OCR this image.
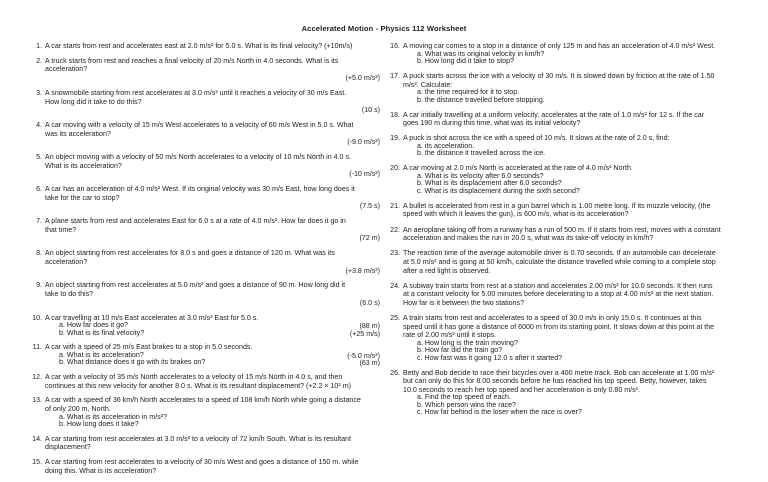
Accelerated Motion - Physics 112 Worksheet
1. A car starts from rest and accelerates east at 2.0 m/s² for 5.0 s. What is its final velocity? (+10m/s)
2. A truck starts from rest and reaches a final velocity of 20 m/s North in 4.0 seconds. What is its
acceleration?
(+5.0 m/s²)
3. A snowmobile starting from rest accelerates at 3.0 m/s² until it reaches a velocity of 30 m/s East.
How long did it take to do this?
(10 s)
4. A car moving with a velocity of 15 m/s West accelerates to a velocity of 60 m/s West in 5.0 s. What
was its acceleration?
(-9.0 m/s²)
5. An object moving with a velocity of 50 m/s North accelerates to a velocity of 10 m/s North in 4.0 s.
What is its acceleration?
(-10 m/s²)
6. A car has an acceleration of 4.0 m/s² West. If its original velocity was 30 m/s East, how long does it
take for the car to stop?
(7.5 s)
7. A plane starts from rest and accelerates East for 6.0 s at a rate of 4.0 m/s². How far does it go in
that time?
(72 m)
8. An object starting from rest accelerates for 8.0 s and goes a distance of 120 m. What was its
acceleration?
(+3.8 m/s²)
9. An object starting from rest accelerates at 5.0 m/s² and goes a distance of 90 m. How long did it
take to do this?
(6.0 s)
10. A car travelling at 10 m/s East accelerates at 3.0 m/s² East for 5.0 s.
a. How far does it go?
b. What is its final velocity?
(88 m)
(+25 m/s)
11. A car with a speed of 25 m/s East brakes to a stop in 5.0 seconds.
a. What is its acceleration?
b. What distance does it go with its brakes on?
(-5.0 m/s²)
(63 m)
12. A car with a velocity of 35 m/s North accelerates to a velocity of 15 m/s North in 4.0 s, and then
continues at this new velocity for another 8.0 s. What is its resultant displacement? (+2.2 × 10² m)
13. A car with a speed of 36 km/h North accelerates to a speed of 108 km/h North while going a distance
of only 200 m, North.
a. What is its acceleration in m/s²?
b. How long does it take?
14. A car starting from rest accelerates at 3.0 m/s² to a velocity of 72 km/h South. What is its resultant
displacement?
15. A car starting from rest accelerates to a velocity of 30 m/s West and goes a distance of 150 m. while
doing this. What is its acceleration?
16. A moving car comes to a stop in a distance of only 125 m and has an acceleration of 4.0 m/s² West.
a. What was its original velocity in km/h?
b. How long did it take to stop?
17. A puck starts across the ice with a velocity of 30 m/s. It is slowed down by friction at the rate of 1.50
m/s². Calculate:
a. the time required for it to stop.
b. the distance travelled before stopping.
18. A car initially travelling at a uniform velocity, accelerates at the rate of 1.0 m/s² for 12 s. If the car
goes 190 m during this time, what was its initial velocity?
19. A puck is shot across the ice with a speed of 10 m/s. It slows at the rate of 2.0 s, find:
a. its acceleration.
b. the distance it travelled across the ice.
20. A car moving at 2.0 m/s North is accelerated at the rate of 4.0 m/s² North.
a. What is its velocity after 6.0 seconds?
b. What is its displacement after 6.0 seconds?
c. What is its displacement during the sixth second?
21. A bullet is accelerated from rest in a gun barrel which is 1.00 metre long. If its muzzle velocity, (the
speed with which it leaves the gun), is 600 m/s, what is its acceleration?
22. An aeroplane taking off from a runway has a run of 500 m. If it starts from rest, moves with a constant
acceleration and makes the run in 20.0 s, what was its take-off velocity in km/h?
23. The reaction time of the average automobile driver is 0.70 seconds. If an automobile can decelerate
at 5.0 m/s² and is going at 50 km/h, calculate the distance travelled while coming to a complete stop
after a red light is observed.
24. A subway train starts from rest at a station and accelerates 2.00 m/s² for 10.0 seconds. It then runs
at a constant velocity for 5.00 minutes before decelerating to a stop at 4.00 m/s² at the next station.
How far is it between the two stations?
25. A train starts from rest and accelerates to a speed of 30.0 m/s in only 15.0 s. It continues at this
speed until it has gone a distance of 6000 m from its starting point. It slows down at this point at the
rate of 2.00 m/s² until it stops.
a. How long is the train moving?
b. How far did the train go?
c. How fast was it going 12.0 s after it started?
26. Betty and Bob decide to race their bicycles over a 400 metre track. Bob can accelerate at 1.00 m/s²
but can only do this for 8.00 seconds before he has reached his top speed. Betty, however, takes
10.0 seconds to reach her top speed and her acceleration is only 0.80 m/s².
a. Find the top speed of each.
b. Which person wins the race?
c. How far behind is the loser when the race is over?
